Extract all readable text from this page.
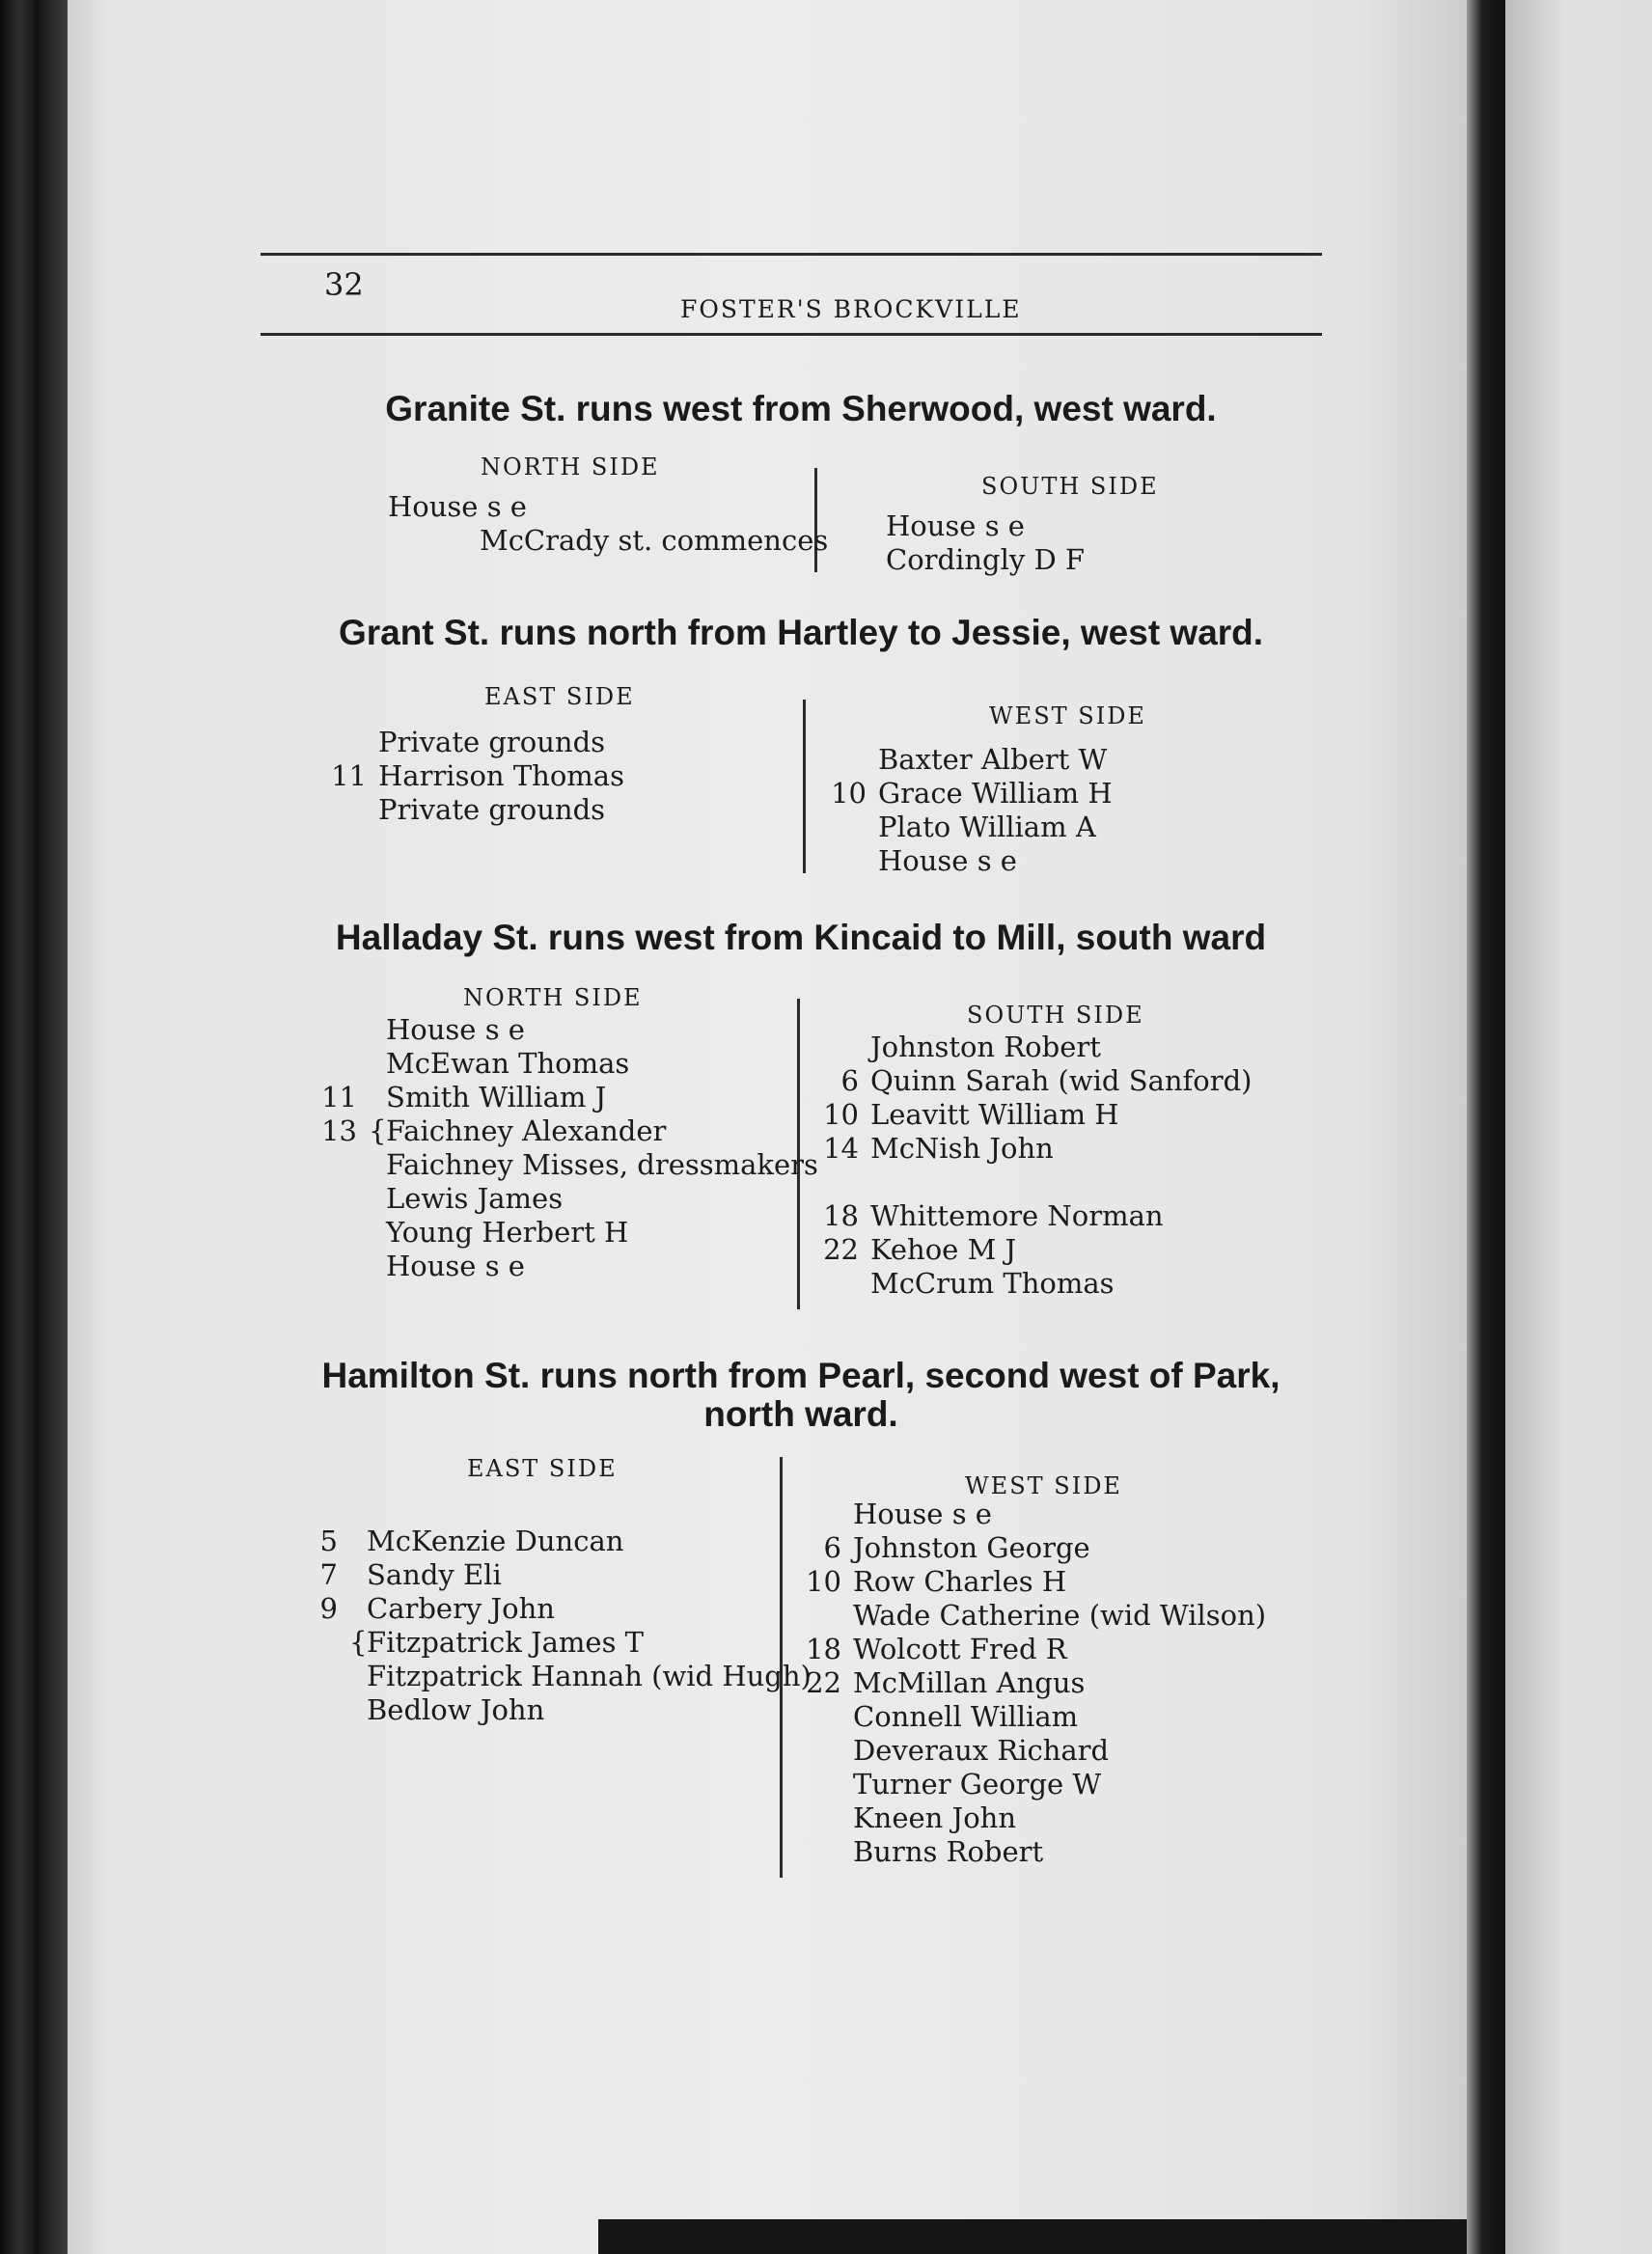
32
FOSTER'S BROCKVILLE
Granite St. runs west from Sherwood, west ward.
NORTH SIDE
SOUTH SIDE
House s e
McCrady st. commences House s e
Cordingly D F
Grant St. runs north from Hartley to Jessie, west ward.
EAST SIDE
WEST SIDE
Private grounds
11 Harrison Thomas
Private grounds
Baxter Albert W
10 Grace William H
Plato William A
House s e
Halladay St. runs west from Kincaid to Mill, south ward
NORTH SIDE
SOUTH SIDE
House s e
McEwan Thomas
11 Smith William J
13 { Faichney Alexander
Faichney Misses, dressmakers
Lewis James
Young Herbert H
House s e
Johnston Robert
6 Quinn Sarah (wid Sanford)
10 Leavitt William H
14 McNish John
18 Whittemore Norman
22 Kehoe M J
McCrum Thomas
Hamilton St. runs north from Pearl, second west of Park,
north ward.
EAST SIDE
WEST SIDE
5 McKenzie Duncan
7 Sandy Eli
9 Carbery John
{ Fitzpatrick James T
Fitzpatrick Hannah (wid Hugh)
Bedlow John
House s e
6 Johnston George
10 Row Charles H
Wade Catherine (wid Wilson)
18 Wolcott Fred R
22 McMillan Angus
Connell William
Deveraux Richard
Turner George W
Kneen John
Burns Robert
